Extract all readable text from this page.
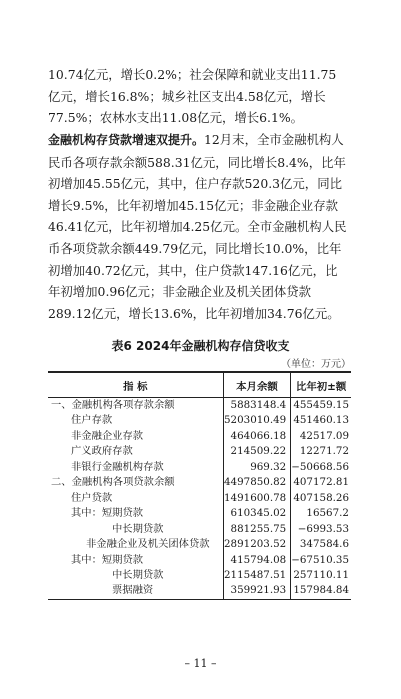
10.74亿元，增长0.2%；社会保障和就业支出11.75亿元，增长16.8%；城乡社区支出4.58亿元，增长77.5%；农林水支出11.08亿元，增长6.1%。

金融机构存贷款增速双提升。12月末，全市金融机构人民币各项存款余额588.31亿元，同比增长8.4%，比年初增加45.55亿元，其中，住户存款520.3亿元，同比增长9.5%，比年初增加45.15亿元；非金融企业存款46.41亿元，比年初增加4.25亿元。全市金融机构人民币各项贷款余额449.79亿元，同比增长10.0%，比年初增加40.72亿元，其中，住户贷款147.16亿元，比年初增加0.96亿元；非金融企业及机关团体贷款289.12亿元，增长13.6%，比年初增加34.76亿元。

表6 2024年金融机构存信贷收支
（单位：万元）
指 标	本月余额	比年初±额
一、金融机构各项存款余额	5883148.4	455459.15
住户存款	5203010.49	451460.13
非金融企业存款	464066.18	42517.09
广义政府存款	214509.22	12271.72
非银行金融机构存款	969.32	−50668.56
二、金融机构各项贷款余额	4497850.82	407172.81
住户贷款	1491600.78	407158.26
其中：短期贷款	610345.02	16567.2
中长期贷款	881255.75	−6993.53
非金融企业及机关团体贷款	2891203.52	347584.6
其中：短期贷款	415794.08	−67510.35
中长期贷款	2115487.51	257110.11
票据融资	359921.93	157984.84
– 11 –
